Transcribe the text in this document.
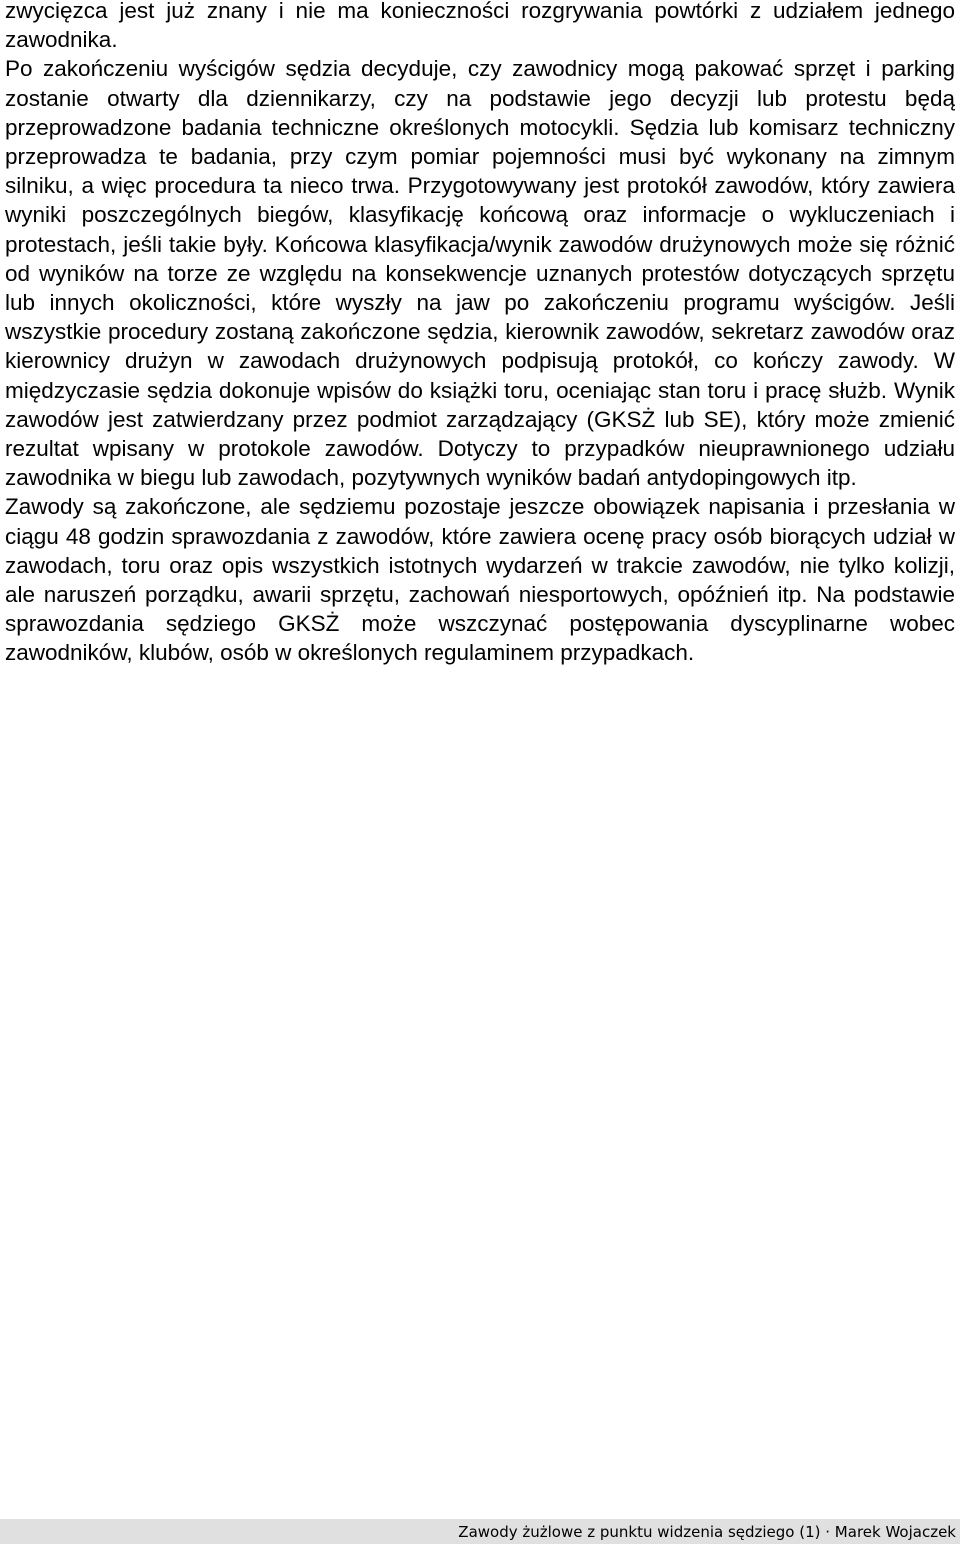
zwycięzca jest już znany i nie ma konieczności rozgrywania powtórki z udziałem jednego zawodnika.

Po zakończeniu wyścigów sędzia decyduje, czy zawodnicy mogą pakować sprzęt i parking zostanie otwarty dla dziennikarzy, czy na podstawie jego decyzji lub protestu będą przeprowadzone badania techniczne określonych motocykli. Sędzia lub komisarz techniczny przeprowadza te badania, przy czym pomiar pojemności musi być wykonany na zimnym silniku, a więc procedura ta nieco trwa. Przygotowywany jest protokół zawodów, który zawiera wyniki poszczególnych biegów, klasyfikację końcową oraz informacje o wykluczeniach i protestach, jeśli takie były. Końcowa klasyfikacja/wynik zawodów drużynowych może się różnić od wyników na torze ze względu na konsekwencje uznanych protestów dotyczących sprzętu lub innych okoliczności, które wyszły na jaw po zakończeniu programu wyścigów. Jeśli wszystkie procedury zostaną zakończone sędzia, kierownik zawodów, sekretarz zawodów oraz kierownicy drużyn w zawodach drużynowych podpisują protokół, co kończy zawody. W międzyczasie sędzia dokonuje wpisów do książki toru, oceniając stan toru i pracę służb. Wynik zawodów jest zatwierdzany przez podmiot zarządzający (GKSŻ lub SE), który może zmienić rezultat wpisany w protokole zawodów. Dotyczy to przypadków nieuprawnionego udziału zawodnika w biegu lub zawodach, pozytywnych wyników badań antydopingowych itp.

Zawody są zakończone, ale sędziemu pozostaje jeszcze obowiązek napisania i przesłania w ciągu 48 godzin sprawozdania z zawodów, które zawiera ocenę pracy osób biorących udział w zawodach, toru oraz opis wszystkich istotnych wydarzeń w trakcie zawodów, nie tylko kolizji, ale naruszeń porządku, awarii sprzętu, zachowań niesportowych, opóźnień itp. Na podstawie sprawozdania sędziego GKSŻ może wszczynać postępowania dyscyplinarne wobec zawodników, klubów, osób w określonych regulaminem przypadkach.

Zawody żużlowe z punktu widzenia sędziego (1) · Marek Wojaczek
